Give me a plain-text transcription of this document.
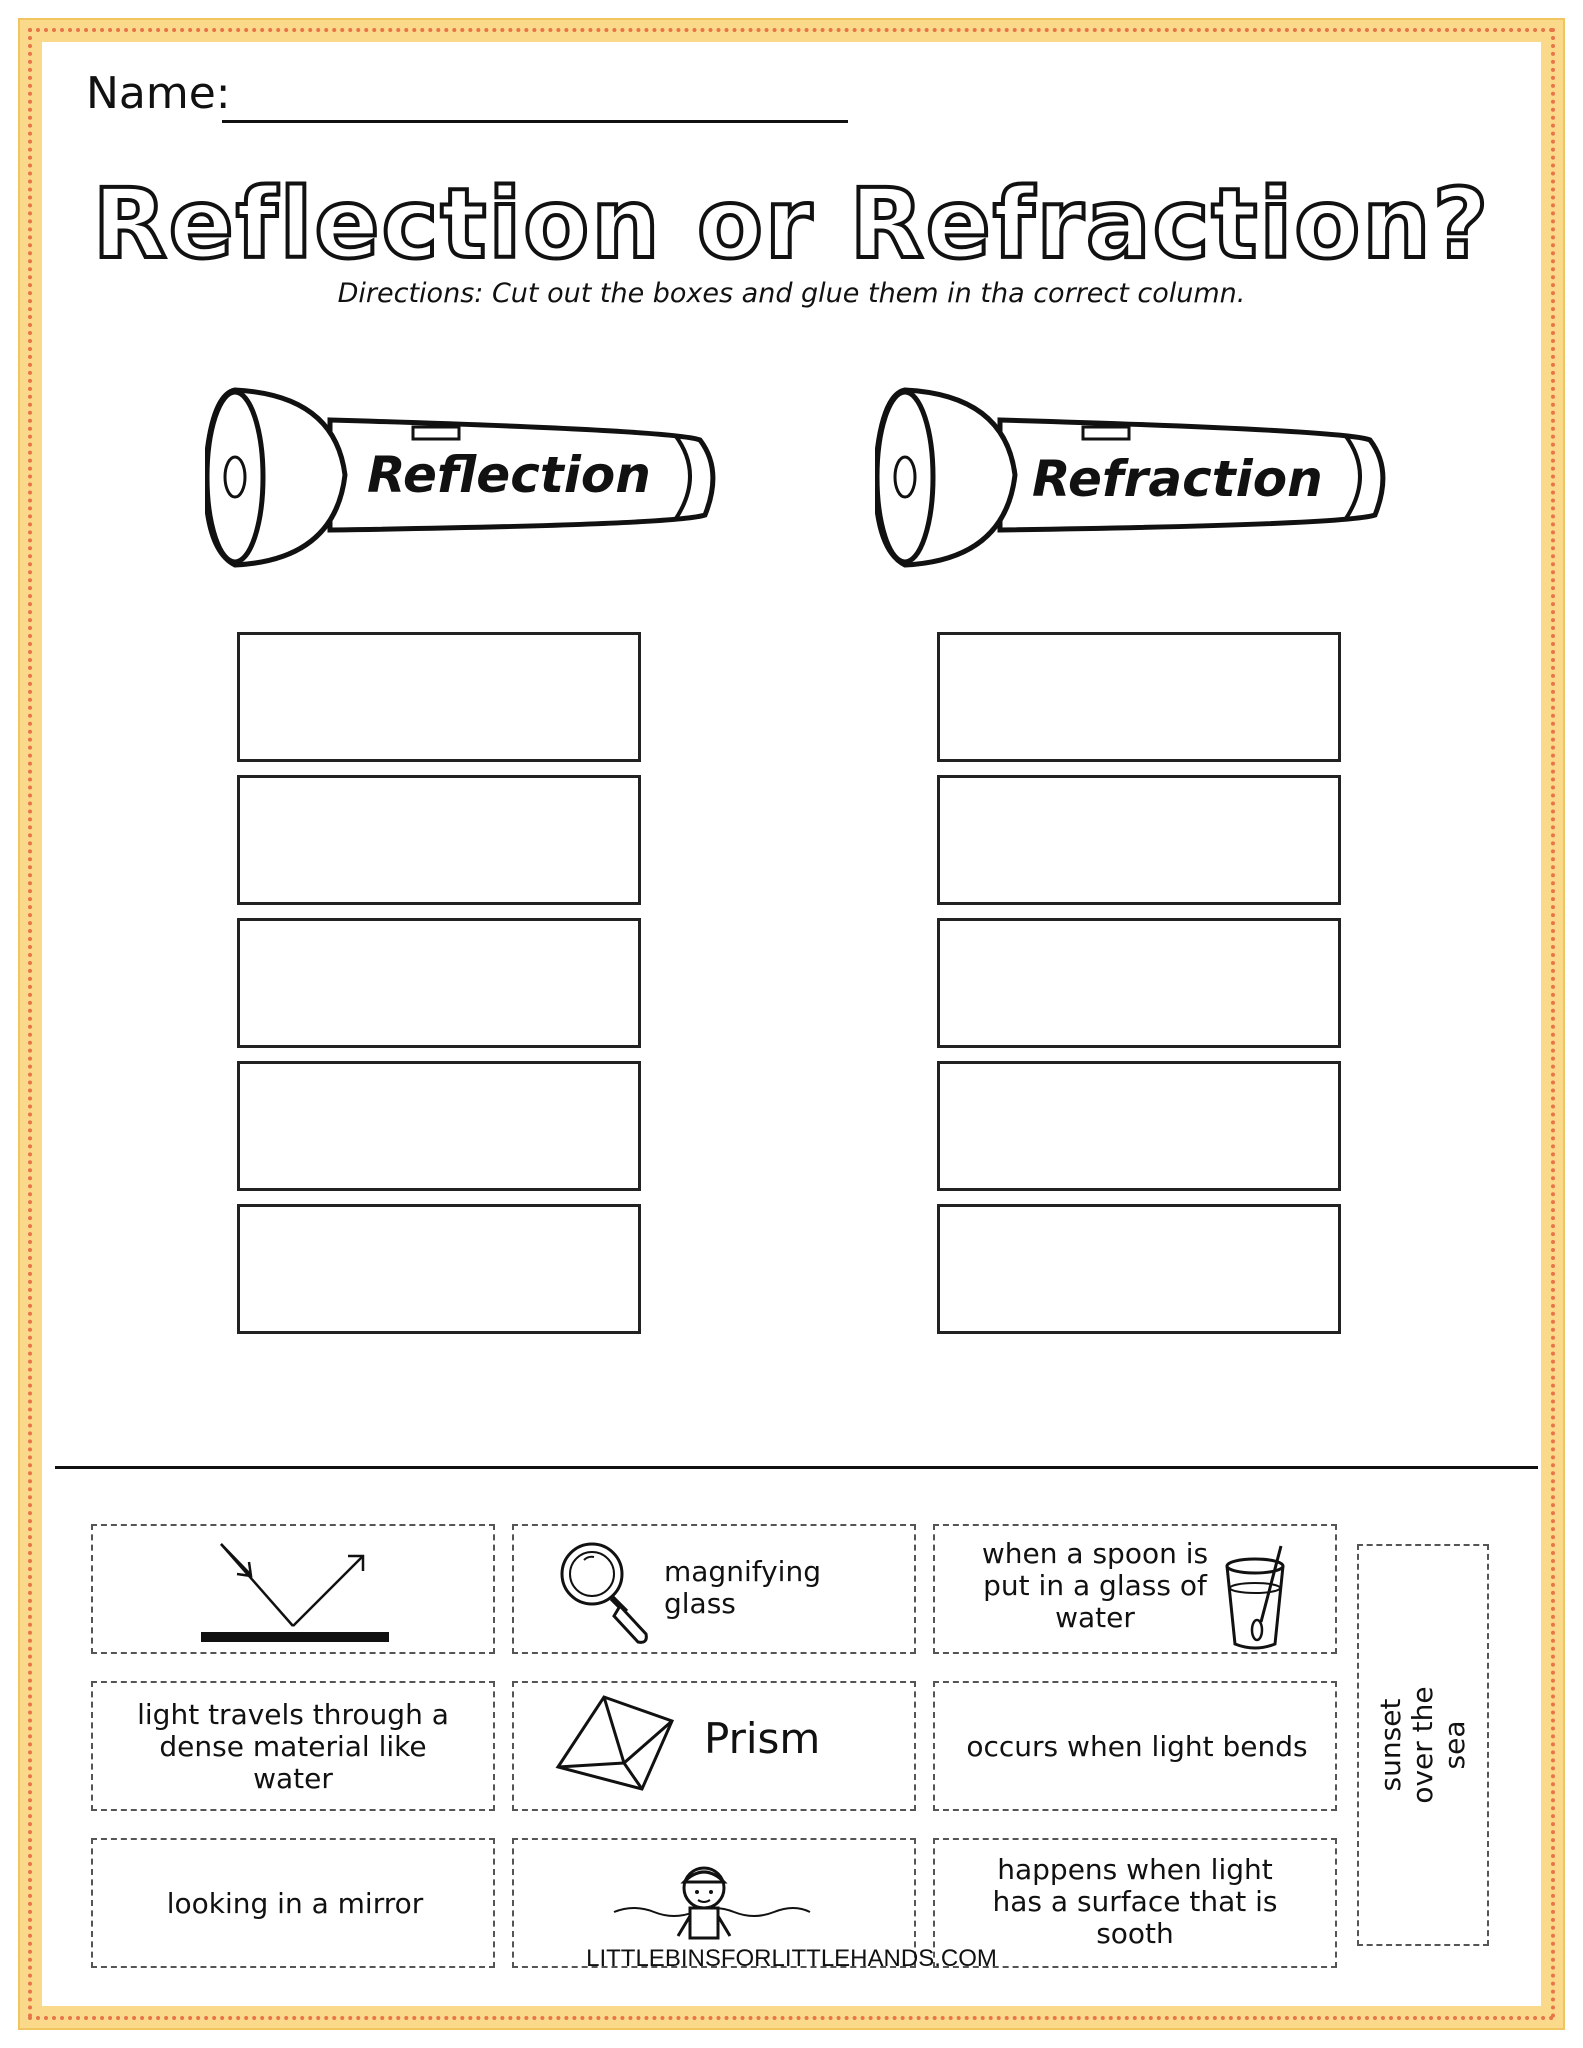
Name:
Reflection or Refraction?
Directions: Cut out the boxes and glue them in tha correct column.
Reflection	Refraction
magnifying glass
when a spoon is put in a glass of water
light travels through a dense material like water
Prism	occurs when light bends
looking in a mirror
happens when light has a surface that is sooth
sunset over the sea
LITTLEBINSFORLITTLEHANDS.COM
